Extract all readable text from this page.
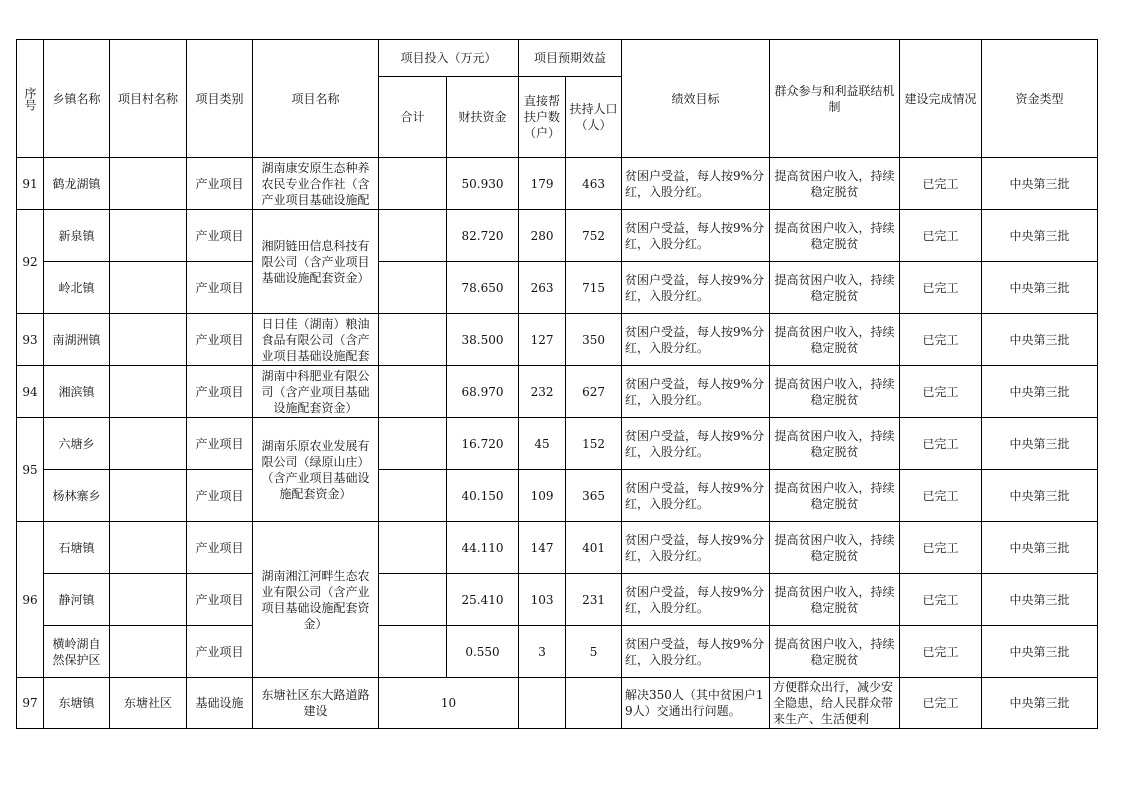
序号	乡镇名称	项目村名称	项目类别	项目名称	项目投入（万元）		项目预期效益		绩效目标	群众参与和利益联结机制	建设完成情况	资金类型
					合计	财扶资金	直接帮扶户数（户）	扶持人口（人）				
91	鹤龙湖镇		产业项目	湖南康安原生态种养农民专业合作社（含产业项目基础设施配		50.930	179	463	贫困户受益，每人按9%分红，入股分红。	提高贫困户收入，持续稳定脱贫	已完工	中央第三批
92	新泉镇		产业项目	湘阴链田信息科技有限公司（含产业项目基础设施配套资金）		82.720	280	752	贫困户受益，每人按9%分红，入股分红。	提高贫困户收入，持续稳定脱贫	已完工	中央第三批
	岭北镇		产业项目			78.650	263	715	贫困户受益，每人按9%分红，入股分红。	提高贫困户收入，持续稳定脱贫	已完工	中央第三批
93	南湖洲镇		产业项目	日日佳（湖南）粮油食品有限公司（含产业项目基础设施配套		38.500	127	350	贫困户受益，每人按9%分红，入股分红。	提高贫困户收入，持续稳定脱贫	已完工	中央第三批
94	湘滨镇		产业项目	湖南中科肥业有限公司（含产业项目基础设施配套资金）		68.970	232	627	贫困户受益，每人按9%分红，入股分红。	提高贫困户收入，持续稳定脱贫	已完工	中央第三批
95	六塘乡		产业项目	湖南乐原农业发展有限公司（绿原山庄）（含产业项目基础设施配套资金）		16.720	45	152	贫困户受益，每人按9%分红，入股分红。	提高贫困户收入，持续稳定脱贫	已完工	中央第三批
	杨林寨乡		产业项目			40.150	109	365	贫困户受益，每人按9%分红，入股分红。	提高贫困户收入，持续稳定脱贫	已完工	中央第三批
96	石塘镇		产业项目	湖南湘江河畔生态农业有限公司（含产业项目基础设施配套资金）		44.110	147	401	贫困户受益，每人按9%分红，入股分红。	提高贫困户收入，持续稳定脱贫	已完工	中央第三批
	静河镇		产业项目			25.410	103	231	贫困户受益，每人按9%分红，入股分红。	提高贫困户收入，持续稳定脱贫	已完工	中央第三批
	横岭湖自然保护区		产业项目			0.550	3	5	贫困户受益，每人按9%分红，入股分红。	提高贫困户收入，持续稳定脱贫	已完工	中央第三批
97	东塘镇	东塘社区	基础设施	东塘社区东大路道路建设	10				解决350人（其中贫困户19人）交通出行问题。	方便群众出行，减少安全隐患，给人民群众带来生产、生活便利	已完工	中央第三批
